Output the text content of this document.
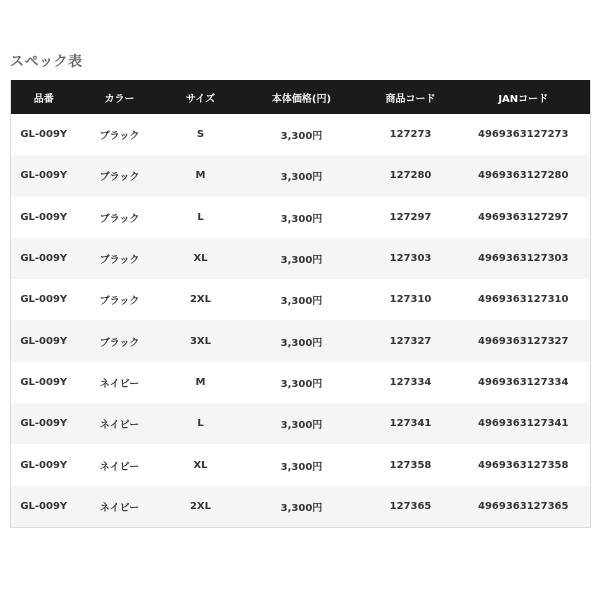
スペック表
品番	カラー	サイズ	本体価格(円)	商品コード	JANコード
GL-009Y	ブラック	S	3,300円	127273	4969363127273
GL-009Y	ブラック	M	3,300円	127280	4969363127280
GL-009Y	ブラック	L	3,300円	127297	4969363127297
GL-009Y	ブラック	XL	3,300円	127303	4969363127303
GL-009Y	ブラック	2XL	3,300円	127310	4969363127310
GL-009Y	ブラック	3XL	3,300円	127327	4969363127327
GL-009Y	ネイビー	M	3,300円	127334	4969363127334
GL-009Y	ネイビー	L	3,300円	127341	4969363127341
GL-009Y	ネイビー	XL	3,300円	127358	4969363127358
GL-009Y	ネイビー	2XL	3,300円	127365	4969363127365
